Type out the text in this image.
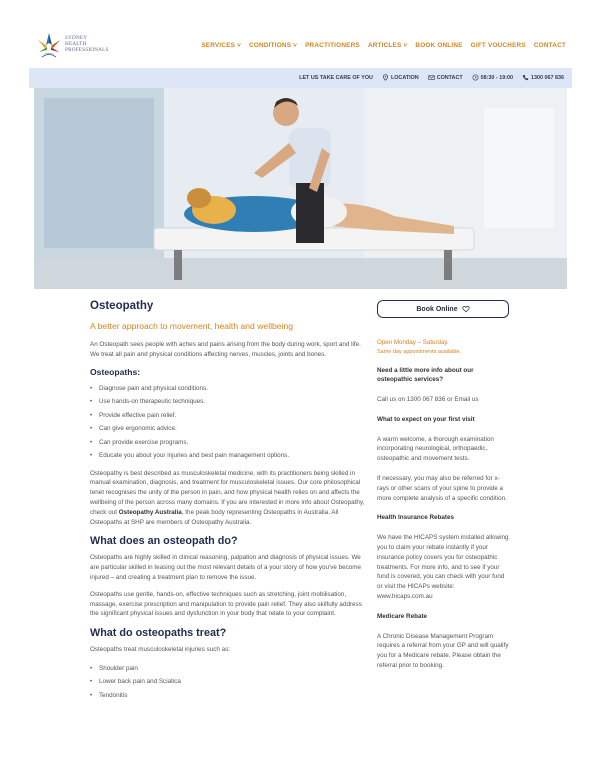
SYDNEY
HEALTH
PROFESSIONALS
SERVICES ˅ CONDITIONS ˅ PRACTITIONERS ARTICLES ˅ BOOK ONLINE GIFT VOUCHERS CONTACT
LET US TAKE CARE OF YOU	LOCATION	CONTACT	08:30 - 19:00	1300 067 836
Osteopathy
A better approach to movement, health and wellbeing

An Osteopath sees people with aches and pains arising from the body during work, sport and life. We treat all pain and physical conditions affecting nerves, muscles, joints and bones.

Osteopaths:
• Diagnose pain and physical conditions.
• Use hands-on therapeutic techniques.
• Provide effective pain relief.
• Can give ergonomic advice.
• Can provide exercise programs.
• Educate you about your injuries and best pain management options.

Osteopathy is best described as musculoskeletal medicine, with its practitioners being skilled in manual examination, diagnosis, and treatment for musculoskeletal issues. Our core philosophical tenet recognises the unity of the person in pain, and how physical health relies on and affects the wellbeing of the person across many domains. If you are interested in more info about Osteopathy, check out Osteopathy Australia, the peak body representing Osteopaths in Australia. All Osteopaths at SHP are members of Osteopathy Australia.

What does an osteopath do?

Osteopaths are highly skilled in clinical reasoning, palpation and diagnosis of physical issues. We are particular skilled in teasing out the most relevant details of a your story of how you've become injured – and creating a treatment plan to remove the issue.

Osteopaths use gentle, hands-on, effective techniques such as stretching, joint mobilisation, massage, exercise prescription and manipulation to provide pain relief. They also skilfully address the significant physical issues and dysfunction in your body that relate to your complaint.

What do osteopaths treat?

Osteopaths treat musculoskeletal injuries such as:

• Shoulder pain
• Lower back pain and Sciatica
• Tendonitis
Book Online
Open Monday – Saturday.
Same day appointments available.
Need a little more info about our osteopathic services?
Call us on 1300 067 836 or Email us
What to expect on your first visit
A warm welcome, a thorough examination incorporating neurological, orthopaedic, osteopathic and movement tests.
If necessary, you may also be referred for x-rays or other scans of your spine to provide a more complete analysis of a specific condition.
Health Insurance Rebates
We have the HICAPS system installed allowing you to claim your rebate instantly if your insurance policy covers you for osteopathic treatments. For more info, and to see if your fund is covered, you can check with your fund or visit the HICAPs website: www.hicaps.com.au
Medicare Rebate
A Chronic Disease Management Program requires a referral from your GP and will qualify you for a Medicare rebate. Please obtain the referral prior to booking.
